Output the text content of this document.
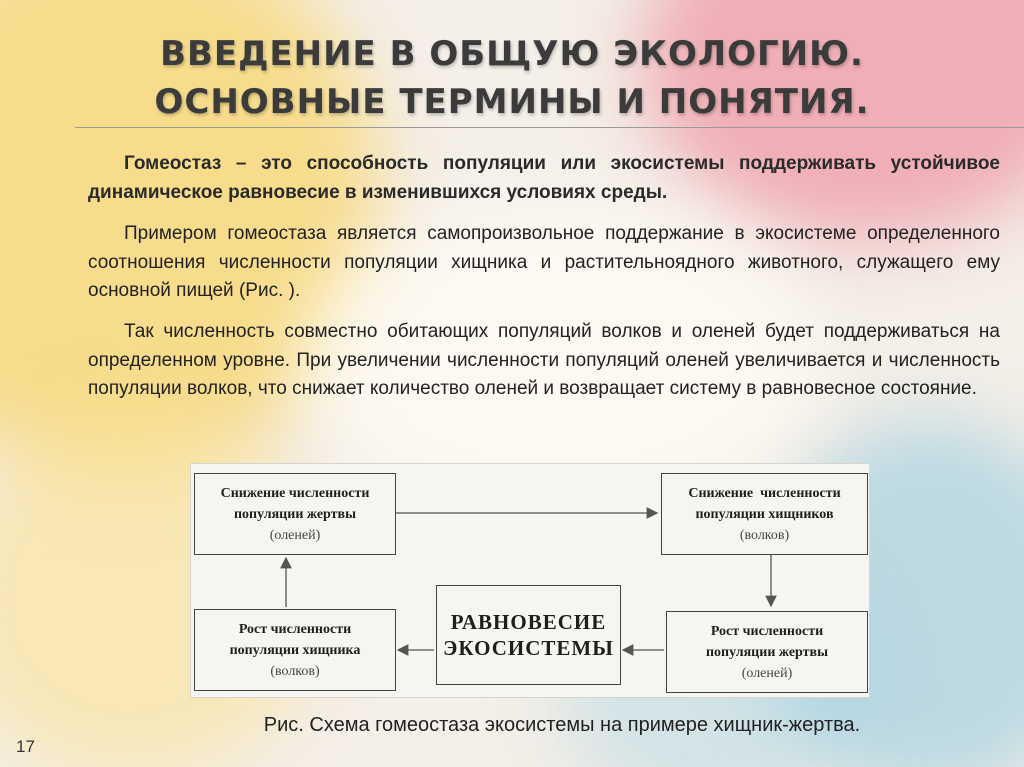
ВВЕДЕНИЕ В ОБЩУЮ ЭКОЛОГИЮ.
ОСНОВНЫЕ ТЕРМИНЫ И ПОНЯТИЯ.

Гомеостаз – это способность популяции или экосистемы поддерживать устойчивое динамическое равновесие в изменившихся условиях среды.

Примером гомеостаза является самопроизвольное поддержание в экосистеме определенного соотношения численности популяции хищника и растительноядного животного, служащего ему основной пищей (Рис. ).

Так численность совместно обитающих популяций волков и оленей будет поддерживаться на определенном уровне. При увеличении численности популяций оленей увеличивается и численность популяции волков, что снижает количество оленей и возвращает систему в равновесное состояние.

Снижение численности
популяции жертвы
(оленей)
Снижение  численности
популяции хищников
(волков)
Рост численности
популяции хищника
(волков)
Рост численности
популяции жертвы
(оленей)
РАВНОВЕСИЕ
ЭКОСИСТЕМЫ
Рис. Схема гомеостаза экосистемы на примере хищник-жертва.
17
